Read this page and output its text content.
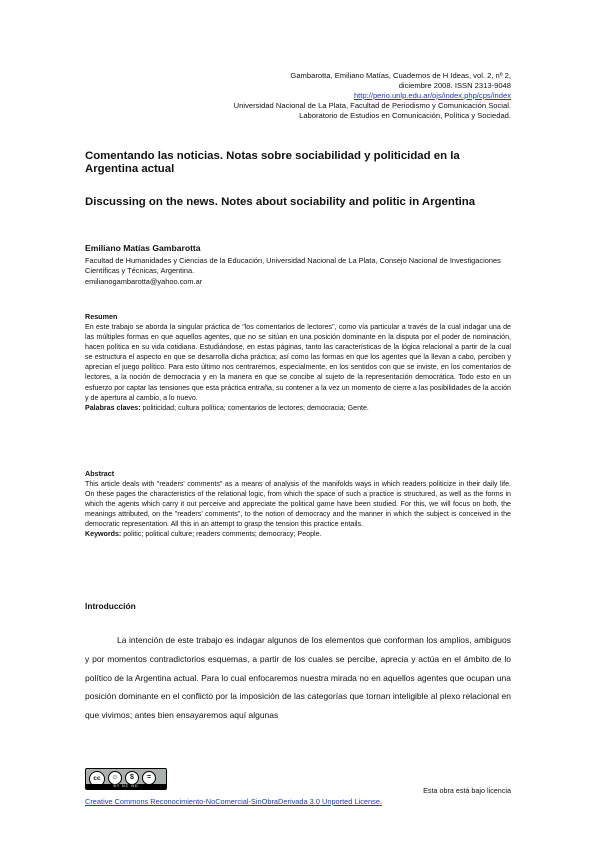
Gambarotta, Emiliano Matías, Cuadernos de H Ideas, vol. 2, nº 2,
diciembre 2008. ISSN 2313-9048
http://perio.unlp.edu.ar/ojs/index.php/cps/index
Universidad Nacional de La Plata, Facultad de Periodismo y Comunicación Social.
Laboratorio de Estudios en Comunicación, Política y Sociedad.
Comentando las noticias. Notas sobre sociabilidad y politicidad en la Argentina actual
Discussing on the news. Notes about sociability and politic in Argentina
Emiliano Matías Gambarotta
Facultad de Humanidades y Ciencias de la Educación, Universidad Nacional de La Plata, Consejo Nacional de Investigaciones Científicas y Técnicas, Argentina.
emilianogambarotta@yahoo.com.ar
Resumen
En este trabajo se aborda la singular práctica de "los comentarios de lectores", como vía particular a través de la cual indagar una de las múltiples formas en que aquellos agentes, que no se sitúan en una posición dominante en la disputa por el poder de nominación, hacen política en su vida cotidiana. Estudiándose, en estas páginas, tanto las características de la lógica relacional a partir de la cual se estructura el aspecto en que se desarrolla dicha práctica; así como las formas en que los agentes que la llevan a cabo, perciben y aprecian el juego político. Para esto último nos centraremos, especialmente, en los sentidos con que se inviste, en los comentarios de lectores, a la noción de democracia y en la manera en que se concibe al sujeto de la representación democrática. Todo esto en un esfuerzo por captar las tensiones que esta práctica entraña, su contener a la vez un momento de cierre a las posibilidades de la acción y de apertura al cambio, a lo nuevo.
Palabras claves: politicidad; cultura política; comentarios de lectores; democracia; Gente.
Abstract
This article deals with "readers' comments" as a means of analysis of the manifolds ways in which readers politicize in their daily life. On these pages the characteristics of the relational logic, from which the space of such a practice is structured, as well as the forms in which the agents which carry it out perceive and appreciate the political game have been studied. For this, we will focus on both, the meanings attributed, on the "readers' comments", to the notion of democracy and the manner in which the subject is conceived in the democratic representation. All this in an attempt to grasp the tension this practice entails.
Keywords: politic; political culture; readers comments; democracy; People.
Introducción
La intención de este trabajo es indagar algunos de los elementos que conforman los amplios, ambiguos y por momentos contradictorios esquemas, a partir de los cuales se percibe, aprecia y actúa en el ámbito de lo político de la Argentina actual. Para lo cual enfocaremos nuestra mirada no en aquellos agentes que ocupan una posición dominante en el conflicto por la imposición de las categorías que tornan inteligible al plexo relacional en que vivimos; antes bien ensayaremos aquí algunas
cc	☺	$	=
BY NC ND	Esta obra está bajo licencia
Creative Commons Reconocimiento-NoComercial-SinObraDerivada 3.0 Unported License.
